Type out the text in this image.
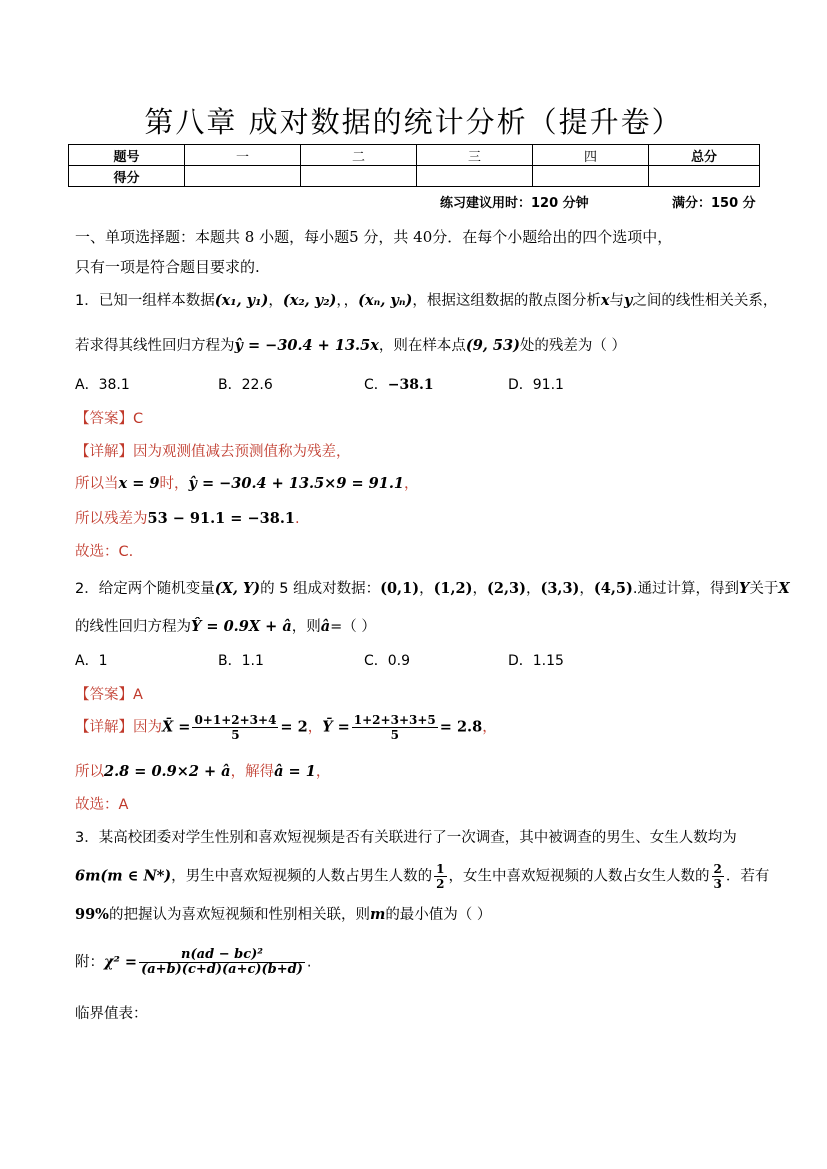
第八章 成对数据的统计分析（提升卷）
题号	一	二	三	四	总分
得分					
练习建议用时：120 分钟	满分：150 分
一、单项选择题：本题共 8 小题，每小题5 分，共 40分．在每个小题给出的四个选项中，
只有一项是符合题目要求的.
1．已知一组样本数据(x₁, y₁)，(x₂, y₂)，，(xₙ, yₙ)，根据这组数据的散点图分析x与y之间的线性相关关系，
若求得其线性回归方程为ŷ = −30.4 + 13.5x，则在样本点(9, 53)处的残差为（ ）
A．38.1	B．22.6	C．−38.1	D．91.1
【答案】C
【详解】因为观测值减去预测值称为残差，
所以当x = 9时，ŷ = −30.4 + 13.5×9 = 91.1，
所以残差为53 − 91.1 = −38.1.
故选：C.
2．给定两个随机变量(X, Y)的 5 组成对数据：(0,1)，(1,2)，(2,3)，(3,3)，(4,5).通过计算，得到Y关于X
的线性回归方程为Ŷ = 0.9X + â，则â=（ ）
A．1	B．1.1	C．0.9	D．1.15
【答案】A
【详解】因为X̄ = $\frac{0+1+2+3+4}{5} = 2$，Ȳ = $\frac{1+2+3+3+5}{5} = 2.8$，
所以2.8 = 0.9×2 + â，解得â = 1，
故选：A
3．某高校团委对学生性别和喜欢短视频是否有关联进行了一次调查，其中被调查的男生、女生人数均为
6m(m ∈ N*)，男生中喜欢短视频的人数占男生人数的 $\frac{1}{2}$ ，女生中喜欢短视频的人数占女生人数的 $\frac{2}{3}$ ．若有
99%的把握认为喜欢短视频和性别相关联，则m的最小值为（ ）
附：$\chi^2 = \frac{\text{n(ad − bc)²}}{(a+b)(c+d)(a+c)(b+d)}$ .
临界值表：
